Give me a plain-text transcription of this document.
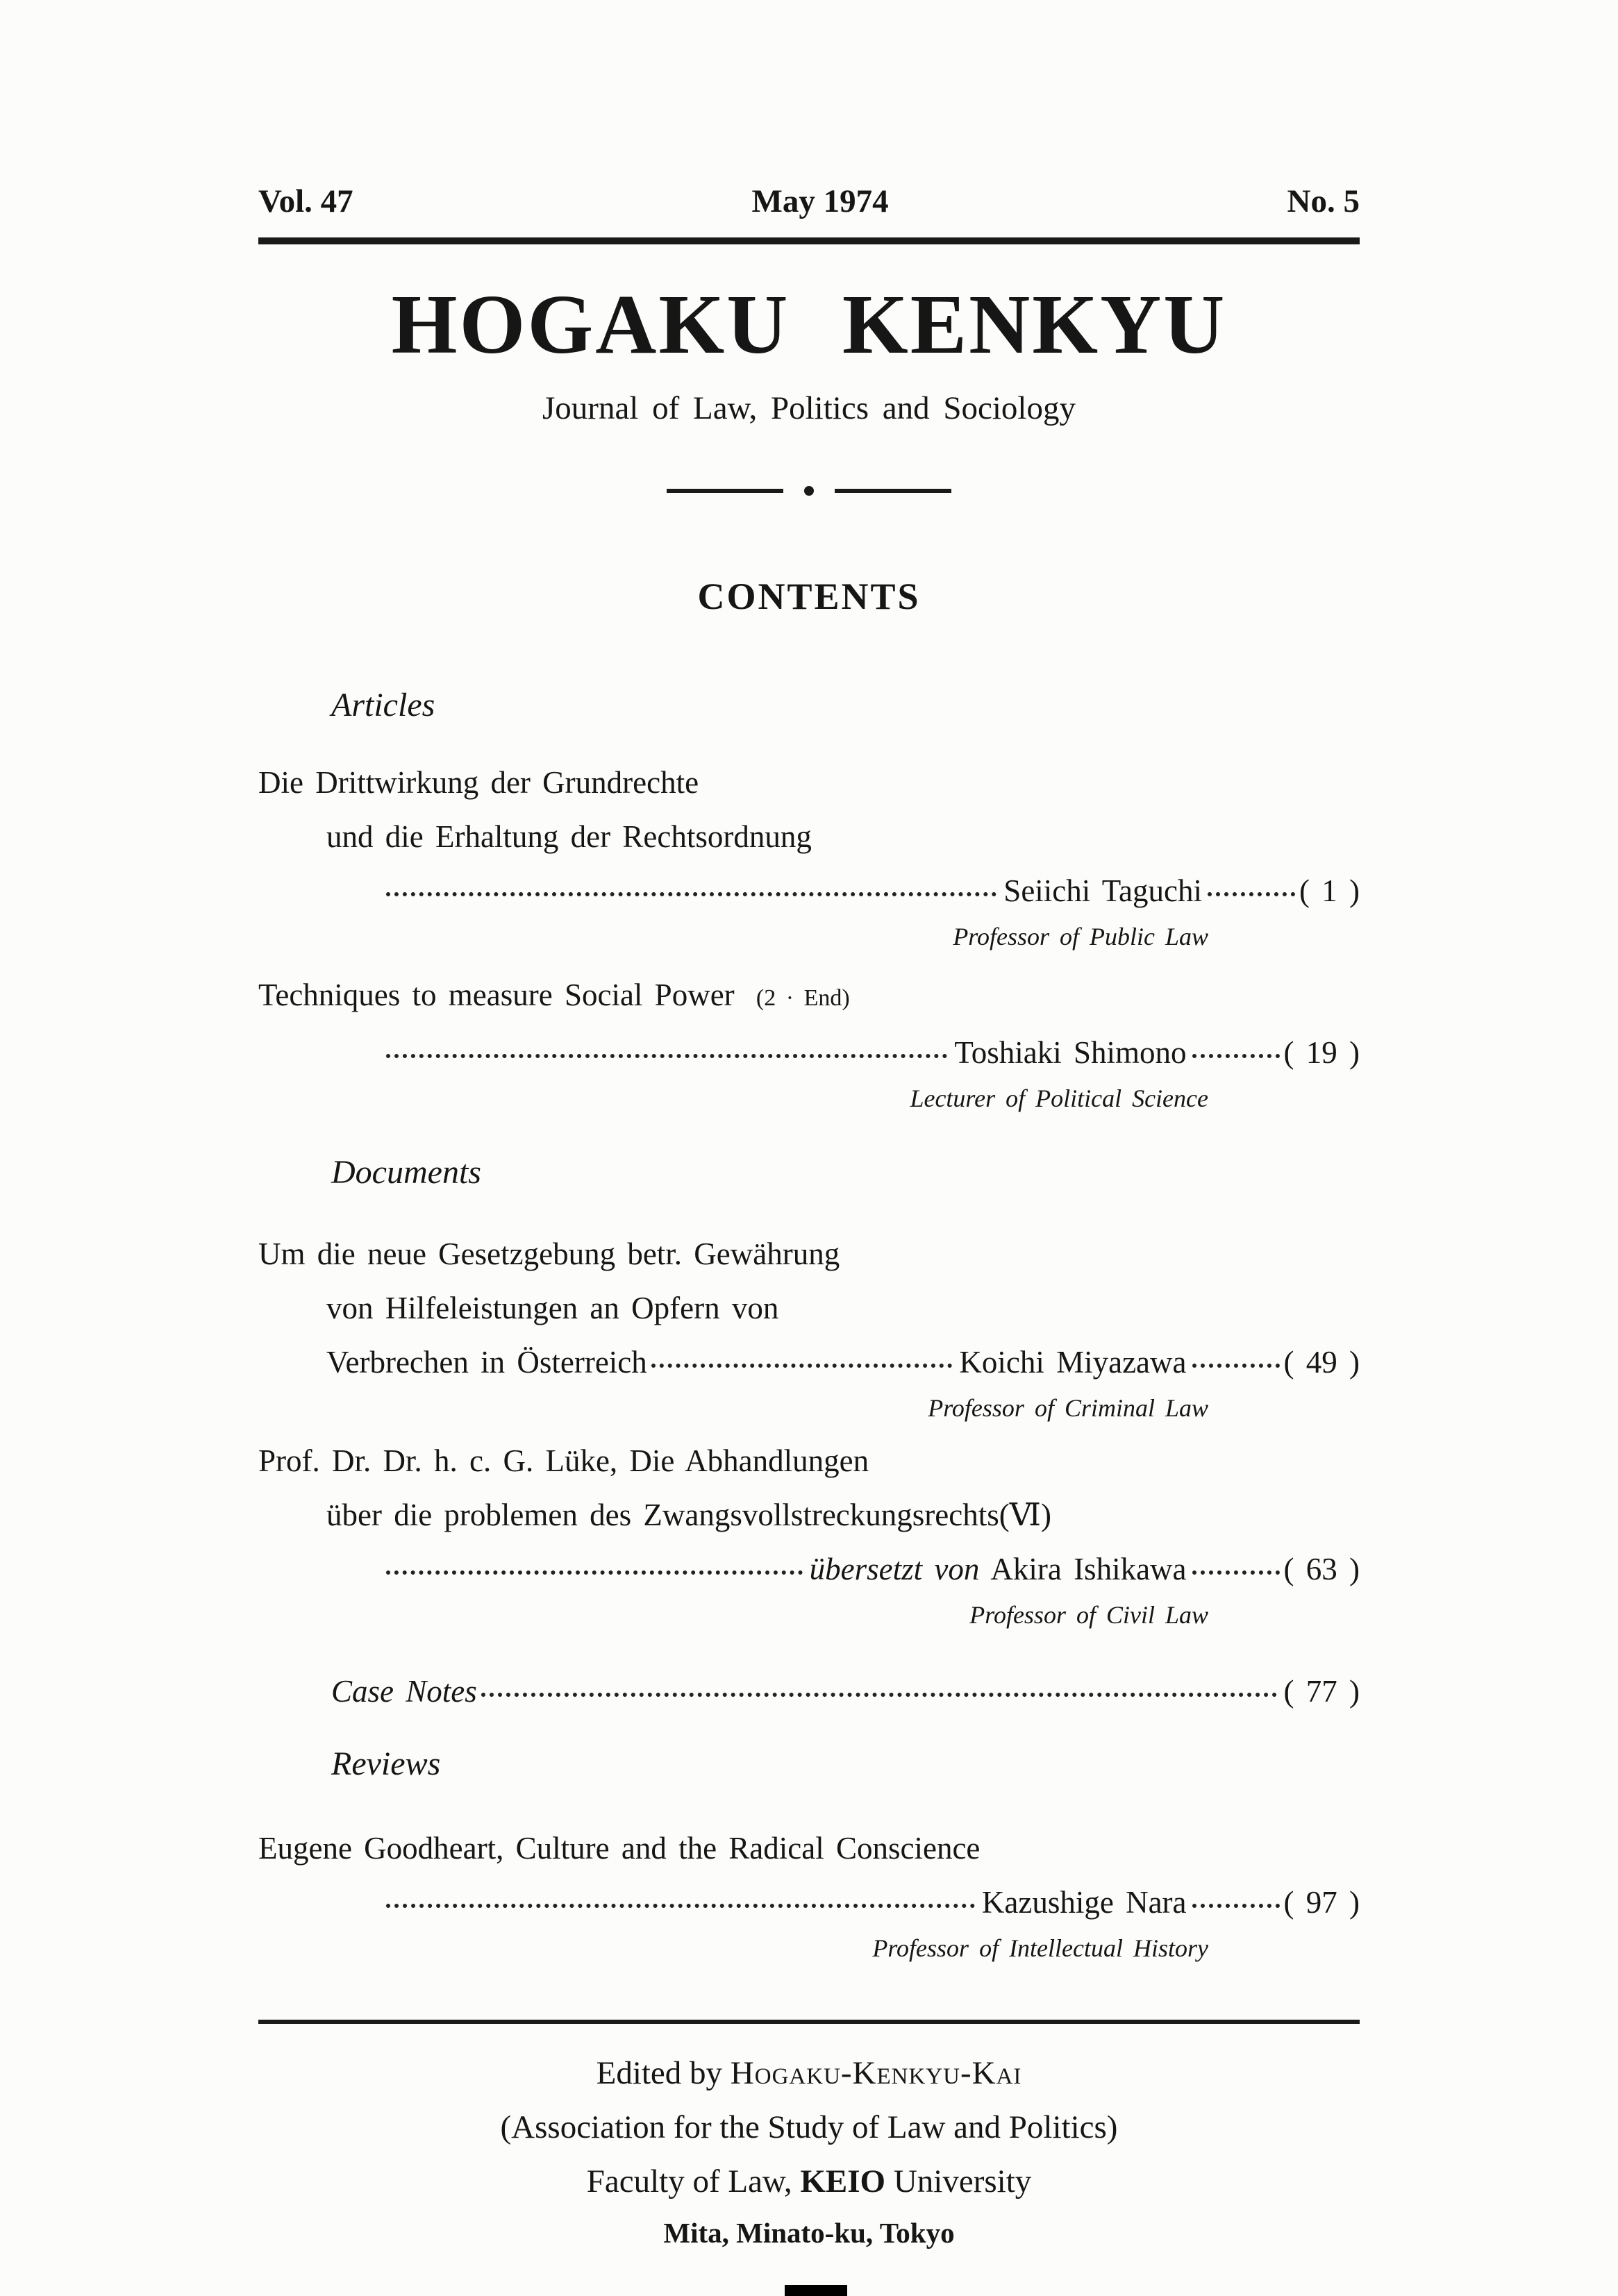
Vol. 47	May 1974	No. 5
HOGAKU KENKYU
Journal of Law, Politics and Sociology
CONTENTS
Articles
Die Drittwirkung der Grundrechte
und die Erhaltung der Rechtsordnung
Seiichi Taguchi	( 1 )
Professor of Public Law
Techniques to measure Social Power (2 · End)
Toshiaki Shimono	( 19 )
Lecturer of Political Science
Documents
Um die neue Gesetzgebung betr. Gewährung
von Hilfeleistungen an Opfern von
Verbrechen in Österreich	Koichi Miyazawa	( 49 )
Professor of Criminal Law
Prof. Dr. Dr. h. c. G. Lüke, Die Abhandlungen
über die problemen des Zwangsvollstreckungsrechts(Ⅵ)
übersetzt von Akira Ishikawa	( 63 )
Professor of Civil Law
Case Notes	( 77 )
Reviews
Eugene Goodheart, Culture and the Radical Conscience
Kazushige Nara	( 97 )
Professor of Intellectual History
Edited by Hogaku-Kenkyu-Kai
(Association for the Study of Law and Politics)
Faculty of Law, KEIO University
Mita, Minato-ku, Tokyo
